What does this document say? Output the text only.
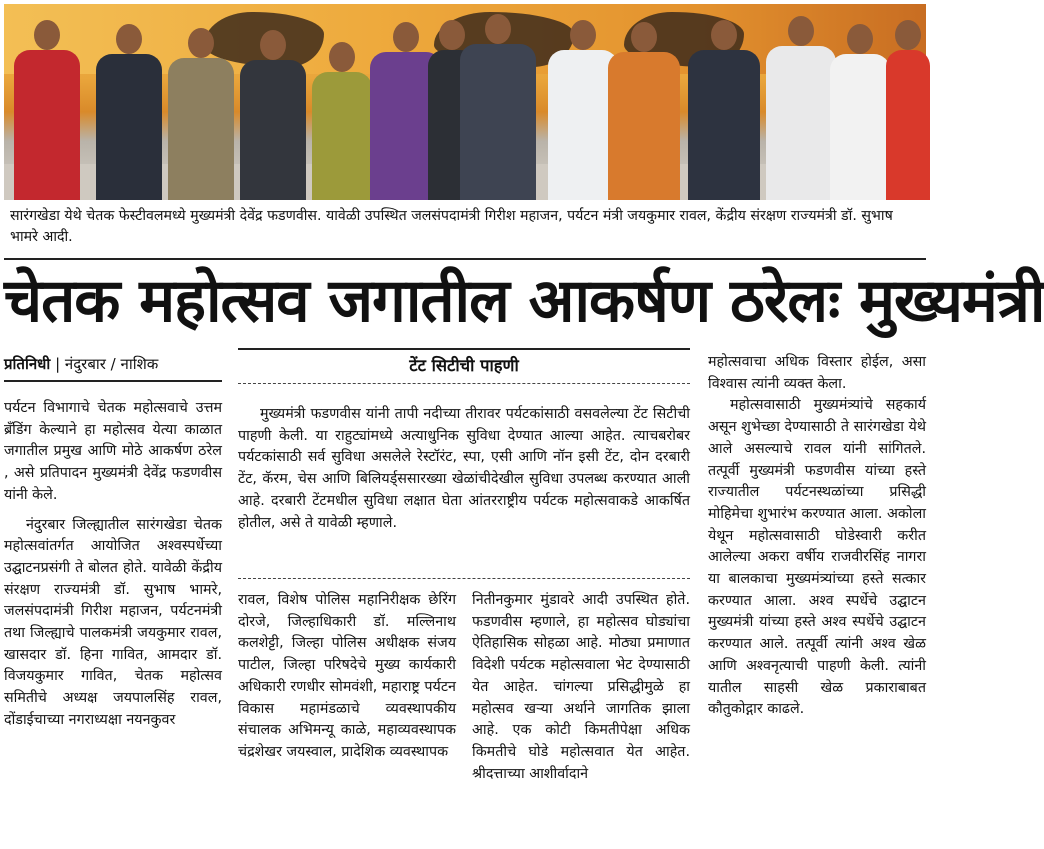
सारंगखेडा येथे चेतक फेस्टीवलमध्ये मुख्यमंत्री देवेंद्र फडणवीस. यावेळी उपस्थित जलसंपदामंत्री गिरीश महाजन, पर्यटन मंत्री जयकुमार रावल, केंद्रीय संरक्षण राज्यमंत्री डॉ. सुभाष भामरे आदी.

चेतक महोत्सव जगातील आकर्षण ठरेलः मुख्यमंत्री
प्रतिनिधी | नंदुरबार / नाशिक

पर्यटन विभागाचे चेतक महोत्सवाचे उत्तम ब्रँडिंग केल्याने हा महोत्सव येत्या काळात जगातील प्रमुख आणि मोठे आकर्षण ठरेल , असे प्रतिपादन मुख्यमंत्री देवेंद्र फडणवीस यांनी केले.

नंदुरबार जिल्ह्यातील सारंगखेडा चेतक महोत्सवांतर्गत आयोजित अश्वस्पर्धेच्या उद्घाटनप्रसंगी ते बोलत होते. यावेळी केंद्रीय संरक्षण राज्यमंत्री डॉ. सुभाष भामरे, जलसंपदामंत्री गिरीश महाजन, पर्यटनमंत्री तथा जिल्ह्याचे पालकमंत्री जयकुमार रावल, खासदार डॉ. हिना गावित, आमदार डॉ. विजयकुमार गावित, चेतक महोत्सव समितीचे अध्यक्ष जयपालसिंह रावल, दोंडाईचाच्या नगराध्यक्षा नयनकुवर

टेंट सिटीची पाहणी

मुख्यमंत्री फडणवीस यांनी तापी नदीच्या तीरावर पर्यटकांसाठी वसवलेल्या टेंट सिटीची पाहणी केली. या राहुट्यांमध्ये अत्याधुनिक सुविधा देण्यात आल्या आहेत. त्याचबरोबर पर्यटकांसाठी सर्व सुविधा असलेले रेस्टॉरंट, स्पा, एसी आणि नॉन इसी टेंट, दोन दरबारी टेंट, कॅरम, चेस आणि बिलियर्ड्ससारख्या खेळांचीदेखील सुविधा उपलब्ध करण्यात आली आहे. दरबारी टेंटमधील सुविधा लक्षात घेता आंतरराष्ट्रीय पर्यटक महोत्सवाकडे आकर्षित होतील, असे ते यावेळी म्हणाले.

रावल, विशेष पोलिस महानिरीक्षक छेरिंग दोरजे, जिल्हाधिकारी डॉ. मल्लिनाथ कलशेट्टी, जिल्हा पोलिस अधीक्षक संजय पाटील, जिल्हा परिषदेचे मुख्य कार्यकारी अधिकारी रणधीर सोमवंशी, महाराष्ट्र पर्यटन विकास महामंडळाचे व्यवस्थापकीय संचालक अभिमन्यू काळे, महाव्यवस्थापक चंद्रशेखर जयस्वाल, प्रादेशिक व्यवस्थापक

नितीनकुमार मुंडावरे आदी उपस्थित होते. फडणवीस म्हणाले, हा महोत्सव घोड्यांचा ऐतिहासिक सोहळा आहे. मोठ्या प्रमाणात विदेशी पर्यटक महोत्सवाला भेट देण्यासाठी येत आहेत. चांगल्या प्रसिद्धीमुळे हा महोत्सव खऱ्या अर्थाने जागतिक झाला आहे. एक कोटी किमतीपेक्षा अधिक किमतीचे घोडे महोत्सवात येत आहेत. श्रीदत्ताच्या आशीर्वादाने

महोत्सवाचा अधिक विस्तार होईल, असा विश्वास त्यांनी व्यक्त केला.

महोत्सवासाठी मुख्यमंत्र्यांचे सहकार्य असून शुभेच्छा देण्यासाठी ते सारंगखेडा येथे आले असल्याचे रावल यांनी सांगितले. तत्पूर्वी मुख्यमंत्री फडणवीस यांच्या हस्ते राज्यातील पर्यटनस्थळांच्या प्रसिद्धी मोहिमेचा शुभारंभ करण्यात आला. अकोला येथून महोत्सवासाठी घोडेस्वारी करीत आलेल्या अकरा वर्षीय राजवीरसिंह नागरा या बालकाचा मुख्यमंत्र्यांच्या हस्ते सत्कार करण्यात आला. अश्व स्पर्धेचे उद्घाटन मुख्यमंत्री यांच्या हस्ते अश्व स्पर्धेचे उद्घाटन करण्यात आले. तत्पूर्वी त्यांनी अश्व खेळ आणि अश्वनृत्याची पाहणी केली. त्यांनी यातील साहसी खेळ प्रकाराबाबत कौतुकोद्गार काढले.
